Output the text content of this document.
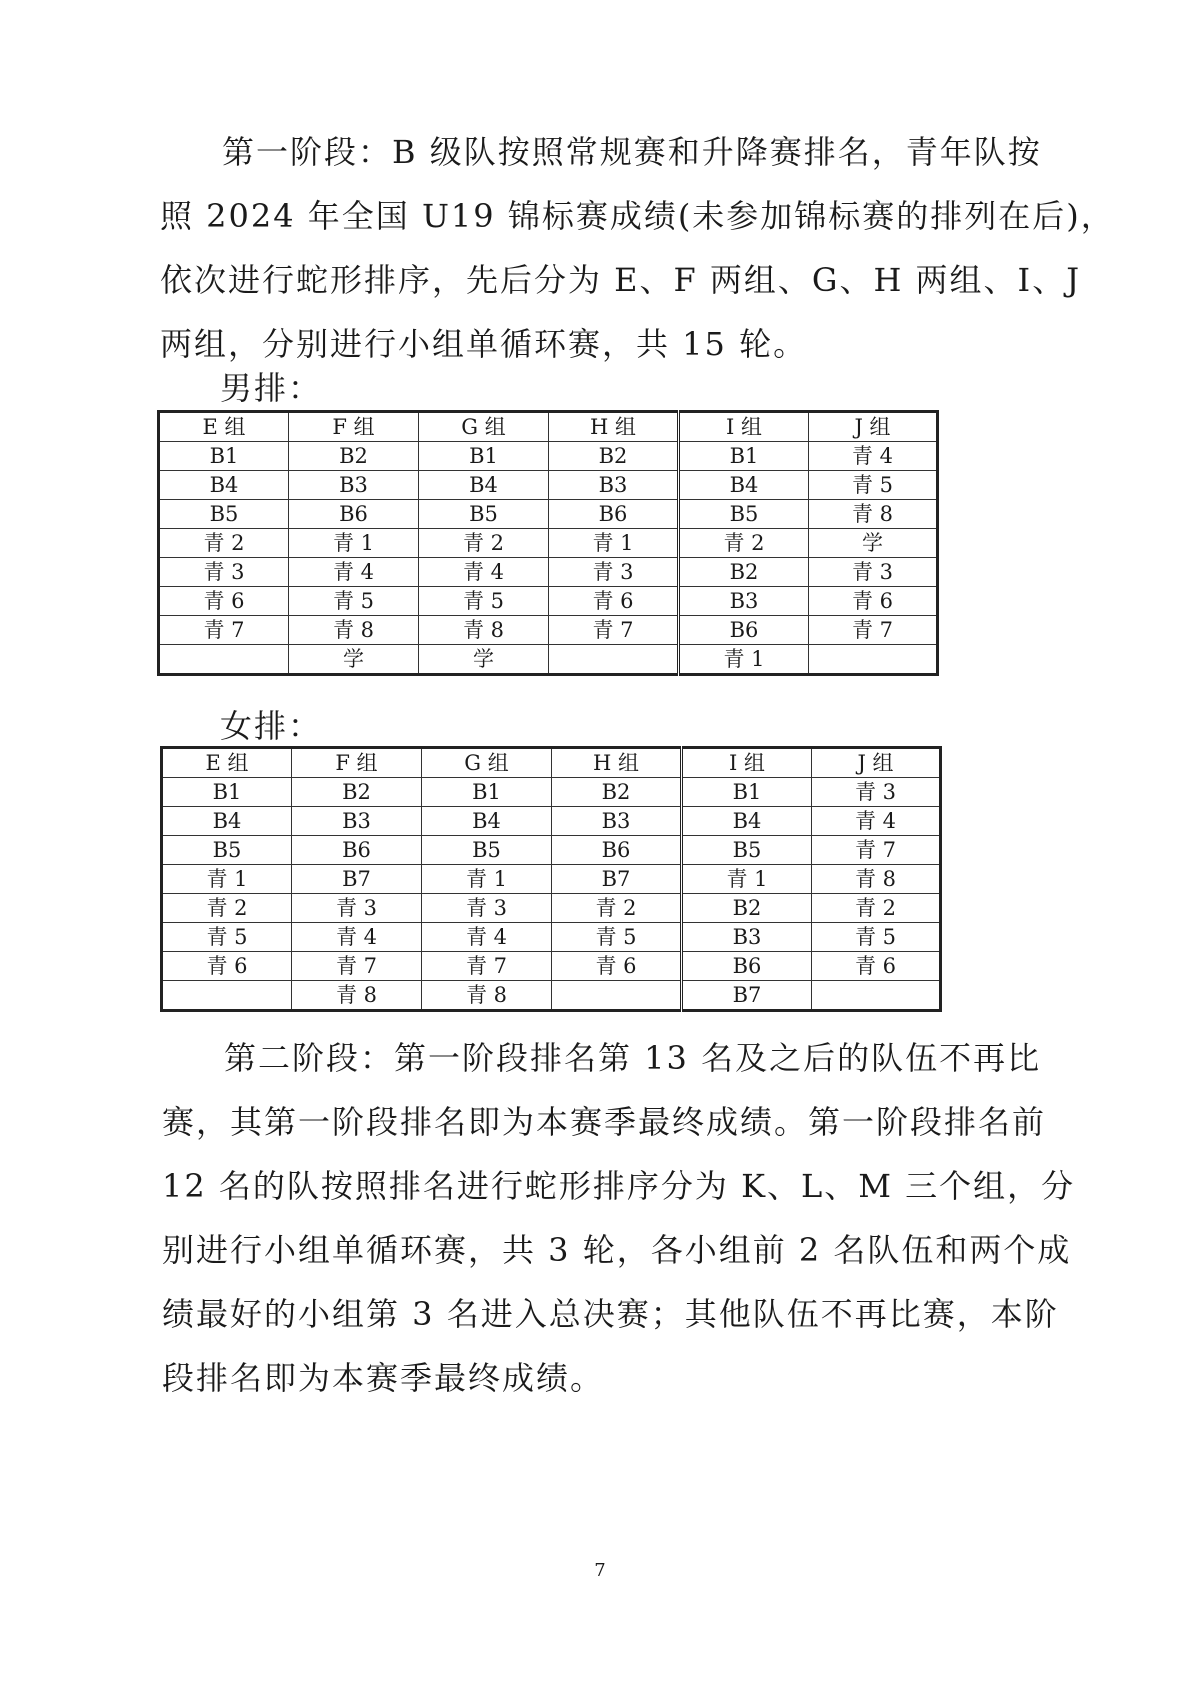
第一阶段：B 级队按照常规赛和升降赛排名，青年队按
照 2024 年全国 U19 锦标赛成绩(未参加锦标赛的排列在后)，
依次进行蛇形排序，先后分为 E、F 两组、G、H 两组、I、J
两组，分别进行小组单循环赛，共 15 轮。
男排：
E 组	F 组	G 组	H 组	I 组	J 组
B1	B2	B1	B2	B1	青 4
B4	B3	B4	B3	B4	青 5
B5	B6	B5	B6	B5	青 8
青 2	青 1	青 2	青 1	青 2	学
青 3	青 4	青 4	青 3	B2	青 3
青 6	青 5	青 5	青 6	B3	青 6
青 7	青 8	青 8	青 7	B6	青 7
	学	学		青 1	
女排：
E 组	F 组	G 组	H 组	I 组	J 组
B1	B2	B1	B2	B1	青 3
B4	B3	B4	B3	B4	青 4
B5	B6	B5	B6	B5	青 7
青 1	B7	青 1	B7	青 1	青 8
青 2	青 3	青 3	青 2	B2	青 2
青 5	青 4	青 4	青 5	B3	青 5
青 6	青 7	青 7	青 6	B6	青 6
	青 8	青 8		B7	
第二阶段：第一阶段排名第 13 名及之后的队伍不再比
赛，其第一阶段排名即为本赛季最终成绩。第一阶段排名前
12 名的队按照排名进行蛇形排序分为 K、L、M 三个组，分
别进行小组单循环赛，共 3 轮，各小组前 2 名队伍和两个成
绩最好的小组第 3 名进入总决赛；其他队伍不再比赛，本阶
段排名即为本赛季最终成绩。
7
